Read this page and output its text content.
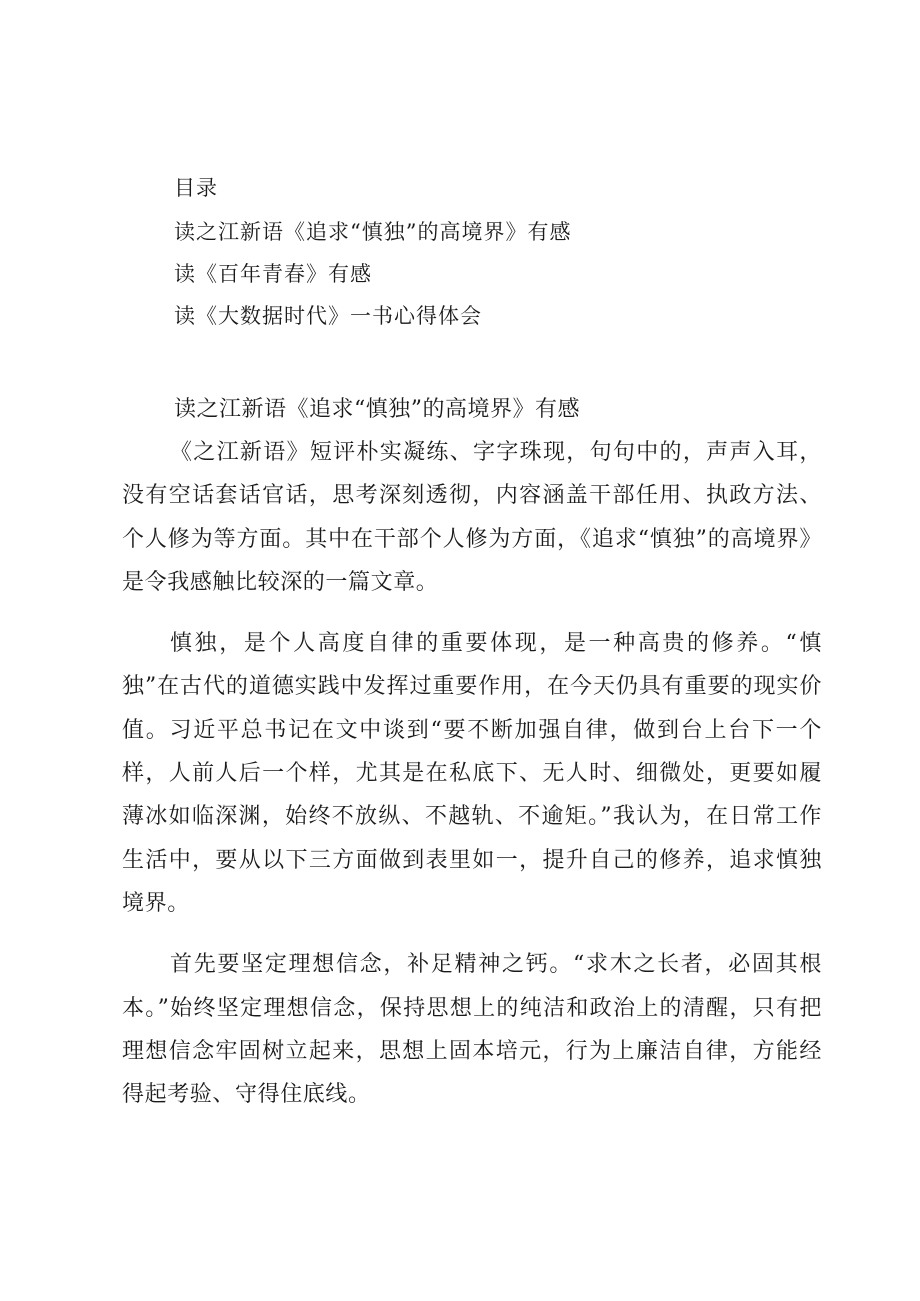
目录
读之江新语《追求“慎独”的高境界》有感
读《百年青春》有感
读《大数据时代》一书心得体会
读之江新语《追求“慎独”的高境界》有感

《之江新语》短评朴实凝练、字字珠现，句句中的，声声入耳，没有空话套话官话，思考深刻透彻，内容涵盖干部任用、执政方法、个人修为等方面。其中在干部个人修为方面，《追求“慎独”的高境界》是令我感触比较深的一篇文章。

慎独，是个人高度自律的重要体现，是一种高贵的修养。“慎独”在古代的道德实践中发挥过重要作用，在今天仍具有重要的现实价值。习近平总书记在文中谈到“要不断加强自律，做到台上台下一个样，人前人后一个样，尤其是在私底下、无人时、细微处，更要如履薄冰如临深渊，始终不放纵、不越轨、不逾矩。”我认为，在日常工作生活中，要从以下三方面做到表里如一，提升自己的修养，追求慎独境界。

首先要坚定理想信念，补足精神之钙。“求木之长者，必固其根本。”始终坚定理想信念，保持思想上的纯洁和政治上的清醒，只有把理想信念牢固树立起来，思想上固本培元，行为上廉洁自律，方能经得起考验、守得住底线。
